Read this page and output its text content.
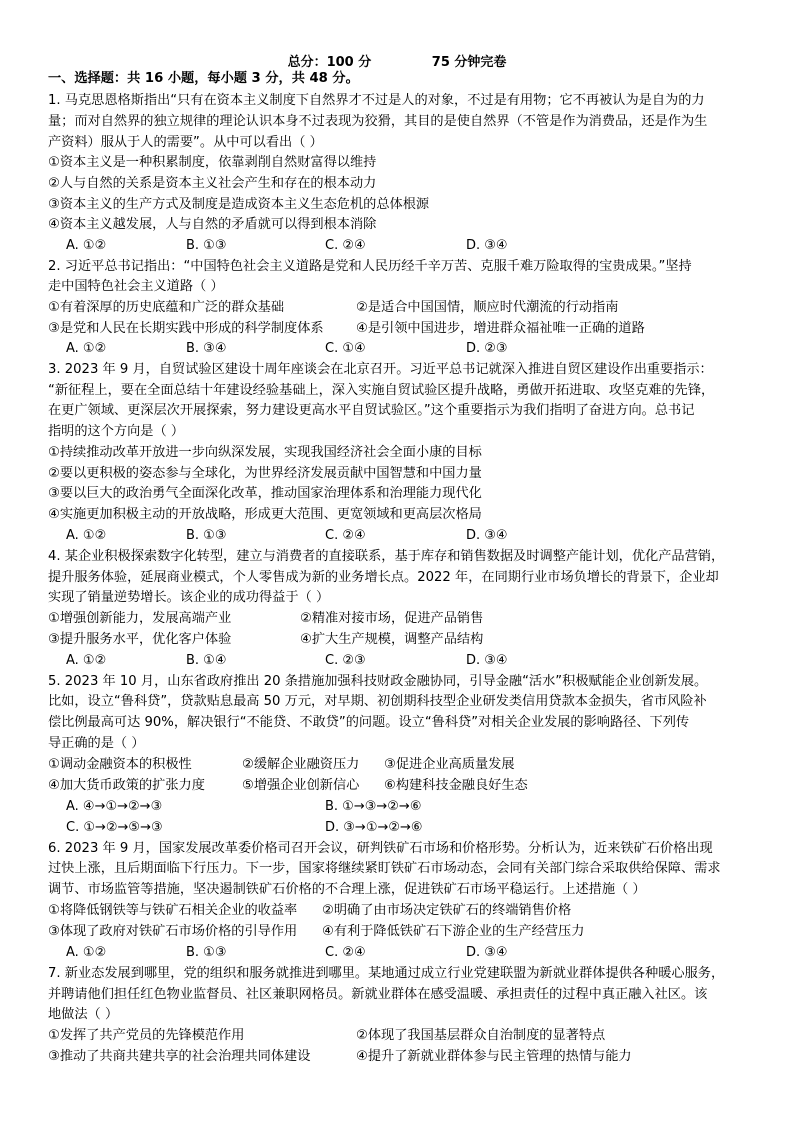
总分：100 分	75 分钟完卷
一、选择题：共 16 小题，每小题 3 分，共 48 分。
1. 马克思恩格斯指出“只有在资本主义制度下自然界才不过是人的对象，不过是有用物；它不再被认为是自为的力
量；而对自然界的独立规律的理论认识本身不过表现为狡猾，其目的是使自然界（不管是作为消费品，还是作为生
产资料）服从于人的需要”。从中可以看出（ ）
①资本主义是一种积累制度，依靠剥削自然财富得以维持
②人与自然的关系是资本主义社会产生和存在的根本动力
③资本主义的生产方式及制度是造成资本主义生态危机的总体根源
④资本主义越发展，人与自然的矛盾就可以得到根本消除
A. ①②	B. ①③	C. ②④	D. ③④
2. 习近平总书记指出：“中国特色社会主义道路是党和人民历经千辛万苦、克服千难万险取得的宝贵成果。”坚持
走中国特色社会主义道路（ ）
①有着深厚的历史底蕴和广泛的群众基础	②是适合中国国情，顺应时代潮流的行动指南
③是党和人民在长期实践中形成的科学制度体系	④是引领中国进步，增进群众福祉唯一正确的道路
A. ①②	B. ③④	C. ①④	D. ②③
3. 2023 年 9 月，自贸试验区建设十周年座谈会在北京召开。习近平总书记就深入推进自贸区建设作出重要指示：
“新征程上，要在全面总结十年建设经验基础上，深入实施自贸试验区提升战略，勇做开拓进取、攻坚克难的先锋，
在更广领域、更深层次开展探索，努力建设更高水平自贸试验区。”这个重要指示为我们指明了奋进方向。总书记
指明的这个方向是（ ）
①持续推动改革开放进一步向纵深发展，实现我国经济社会全面小康的目标
②要以更积极的姿态参与全球化，为世界经济发展贡献中国智慧和中国力量
③要以巨大的政治勇气全面深化改革，推动国家治理体系和治理能力现代化
④实施更加积极主动的开放战略，形成更大范围、更宽领域和更高层次格局
A. ①②	B. ①③	C. ②④	D. ③④
4. 某企业积极探索数字化转型，建立与消费者的直接联系，基于库存和销售数据及时调整产能计划，优化产品营销，
提升服务体验，延展商业模式，个人零售成为新的业务增长点。2022 年，在同期行业市场负增长的背景下，企业却
实现了销量逆势增长。该企业的成功得益于（ ）
①增强创新能力，发展高端产业	②精准对接市场，促进产品销售
③提升服务水平，优化客户体验	④扩大生产规模，调整产品结构
A. ①②	B. ①④	C. ②③	D. ③④
5. 2023 年 10 月，山东省政府推出 20 条措施加强科技财政金融协同，引导金融“活水”积极赋能企业创新发展。
比如，设立“鲁科贷”，贷款贴息最高 50 万元，对早期、初创期科技型企业研发类信用贷款本金损失，省市风险补
偿比例最高可达 90%，解决银行“不能贷、不敢贷”的问题。设立“鲁科贷”对相关企业发展的影响路径、下列传
导正确的是（ ）
①调动金融资本的积极性	②缓解企业融资压力	③促进企业高质量发展
④加大货币政策的扩张力度	⑤增强企业创新信心	⑥构建科技金融良好生态
A. ④→①→②→③	B. ①→③→②→⑥
C. ①→②→⑤→③	D. ③→①→②→⑥
6. 2023 年 9 月，国家发展改革委价格司召开会议，研判铁矿石市场和价格形势。分析认为，近来铁矿石价格出现
过快上涨，且后期面临下行压力。下一步，国家将继续紧盯铁矿石市场动态，会同有关部门综合采取供给保障、需求
调节、市场监管等措施，坚决遏制铁矿石价格的不合理上涨，促进铁矿石市场平稳运行。上述措施（ ）
①将降低钢铁等与铁矿石相关企业的收益率	②明确了由市场决定铁矿石的终端销售价格
③体现了政府对铁矿石市场价格的引导作用	④有利于降低铁矿石下游企业的生产经营压力
A. ①②	B. ①③	C. ②④	D. ③④
7. 新业态发展到哪里，党的组织和服务就推进到哪里。某地通过成立行业党建联盟为新就业群体提供各种暖心服务，
并聘请他们担任红色物业监督员、社区兼职网格员。新就业群体在感受温暖、承担责任的过程中真正融入社区。该
地做法（ ）
①发挥了共产党员的先锋模范作用	②体现了我国基层群众自治制度的显著特点
③推动了共商共建共享的社会治理共同体建设	④提升了新就业群体参与民主管理的热情与能力
